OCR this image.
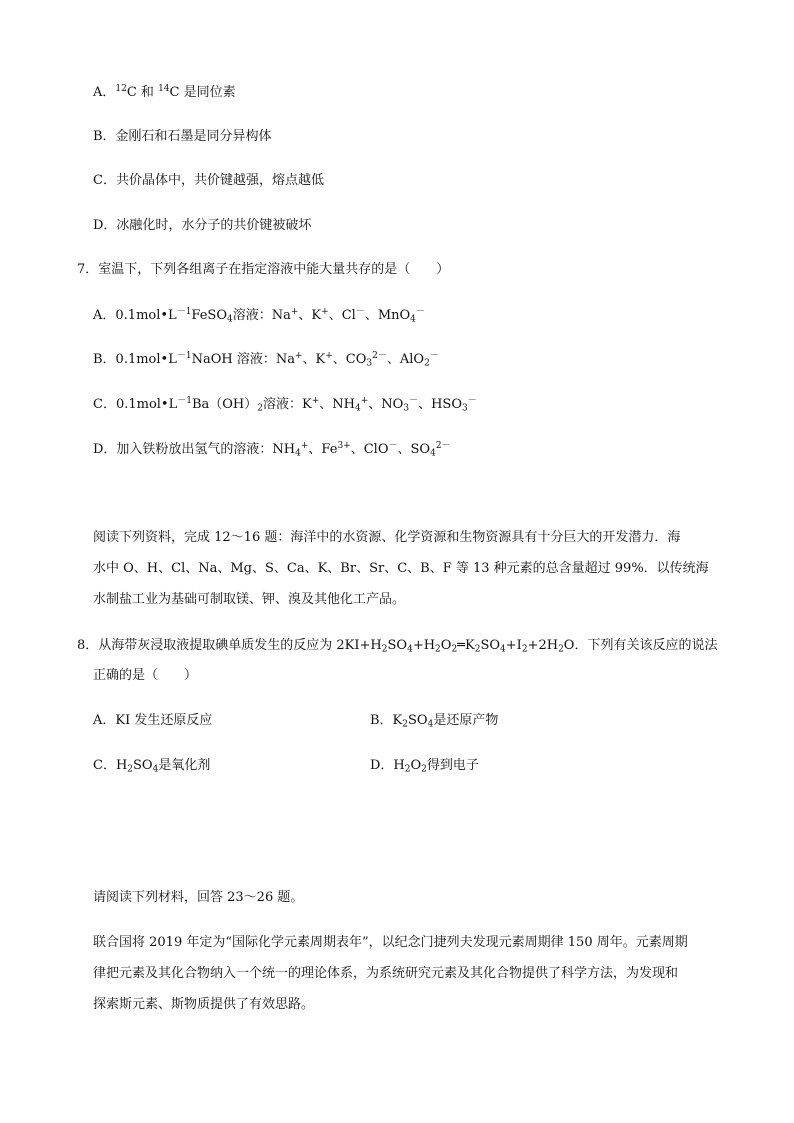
A．$^{12}$C 和 $^{14}$C 是同位素
B．金刚石和石墨是同分异构体
C．共价晶体中，共价键越强，熔点越低
D．冰融化时，水分子的共价键被破坏
7．室温下，下列各组离子在指定溶液中能大量共存的是（　　）
A．$0.1mol•L^{-1}FeSO_4$溶液：Na+、K+、Cl－、MnO$_4$－
B．$0.1mol•L^{-1}NaOH$ 溶液：Na+、K+、$CO_3^{2-}$、AlO$_2$－
C．$0.1mol•L^{-1}Ba(OH)_2$溶液：K+、$NH_4^+$、$NO_3^-$、$HSO_3^-$
D．加入铁粉放出氢气的溶液：$NH_4^+$、$Fe^{3+}$、ClO－、$SO_4^{2-}$
阅读下列资料，完成 12～16 题：海洋中的水资源、化学资源和生物资源具有十分巨大的开发潜力．海
水中 O、H、Cl、Na、Mg、S、Ca、K、Br、Sr、C、B、F 等 13 种元素的总含量超过 99%．以传统海
水制盐工业为基础可制取镁、钾、溴及其他化工产品。
8．从海带灰浸取液提取碘单质发生的反应为 $2KI+H_2SO_4+H_2O_2═K_2SO_4+I_2+2H_2O$．下列有关该反应的说法
正确的是（　　）
A．KI 发生还原反应	B．$K_2SO_4$是还原产物
C．$H_2SO_4$是氧化剂	D．$H_2O_2$得到电子
请阅读下列材料，回答 23～26 题。
联合国将 2019 年定为“国际化学元素周期表年”，以纪念门捷列夫发现元素周期律 150 周年。元素周期
律把元素及其化合物纳入一个统一的理论体系，为系统研究元素及其化合物提供了科学方法，为发现和
探索斯元素、斯物质提供了有效思路。
